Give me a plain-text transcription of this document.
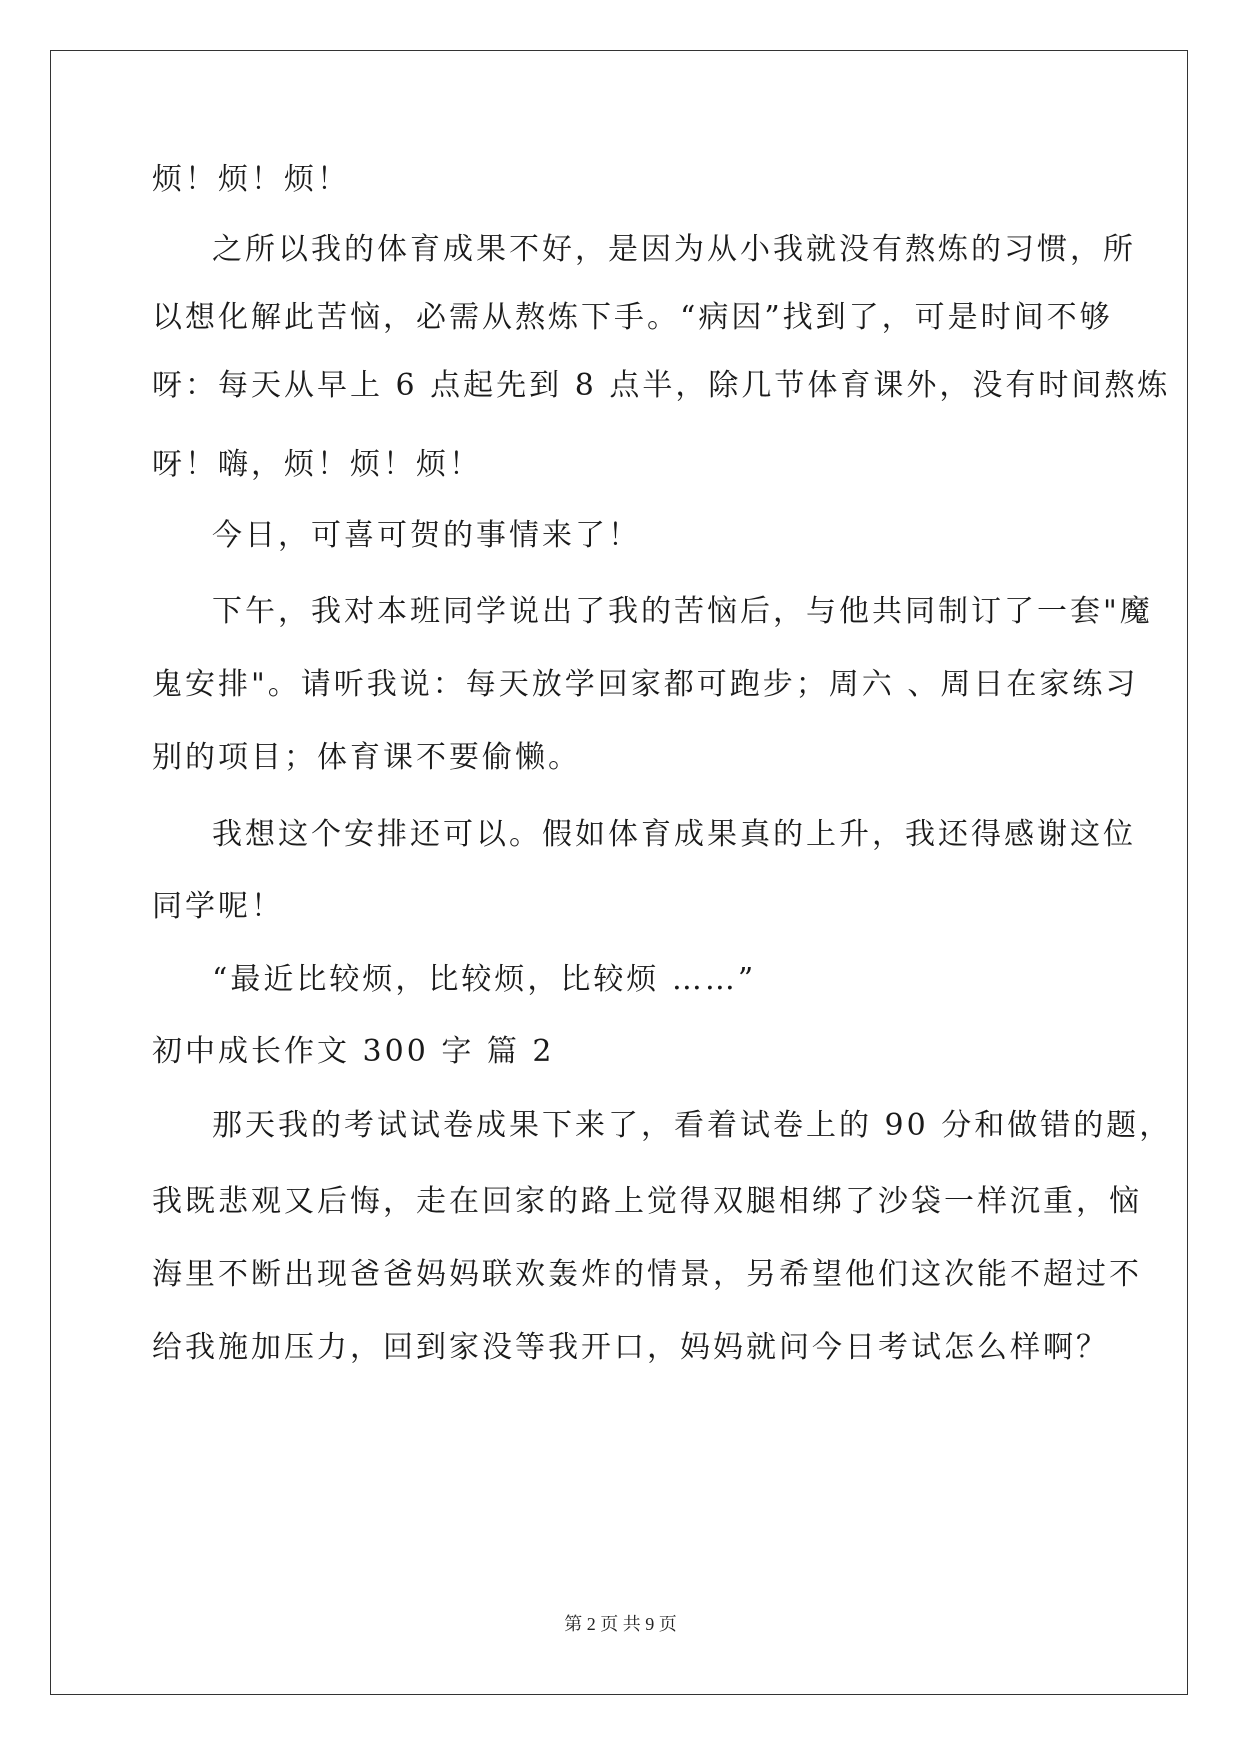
烦！烦！烦！
之所以我的体育成果不好，是因为从小我就没有熬炼的习惯，所
以想化解此苦恼，必需从熬炼下手。“病因”找到了，可是时间不够
呀：每天从早上 6 点起先到 8 点半，除几节体育课外，没有时间熬炼
呀！嗨，烦！烦！烦！
今日，可喜可贺的事情来了！
下午，我对本班同学说出了我的苦恼后，与他共同制订了一套"魔
鬼安排"。请听我说：每天放学回家都可跑步；周六 、周日在家练习
别的项目；体育课不要偷懒。
我想这个安排还可以。假如体育成果真的上升，我还得感谢这位
同学呢！
“最近比较烦，比较烦，比较烦 ……”
初中成长作文 300 字 篇 2
那天我的考试试卷成果下来了，看着试卷上的 90 分和做错的题，
我既悲观又后悔，走在回家的路上觉得双腿相绑了沙袋一样沉重，恼
海里不断出现爸爸妈妈联欢轰炸的情景，另希望他们这次能不超过不
给我施加压力，回到家没等我开口，妈妈就问今日考试怎么样啊？
第 2 页 共 9 页
